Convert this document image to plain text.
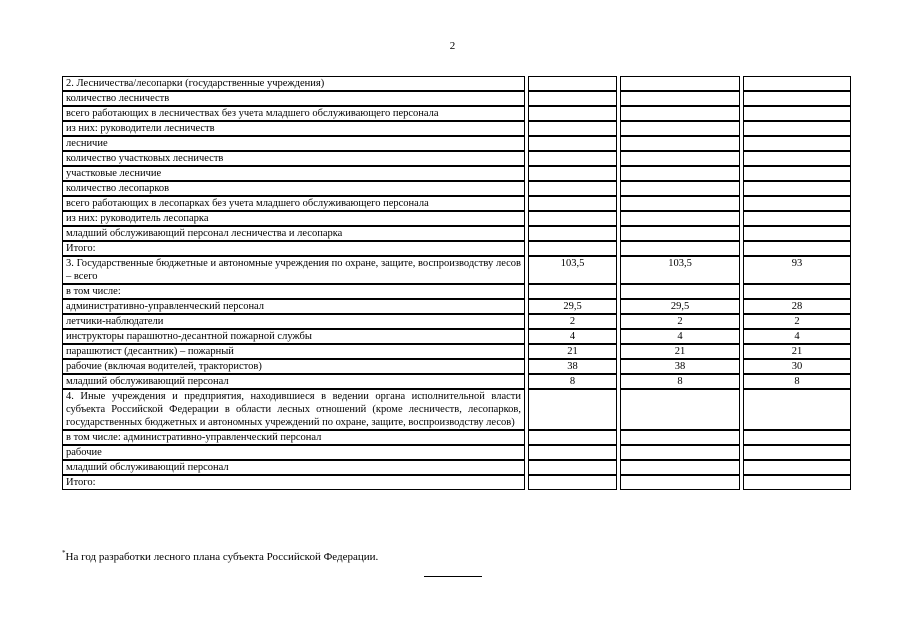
2
2. Лесничества/лесопарки (государственные учреждения)						
количество лесничеств						
всего работающих в лесничествах без учета младшего обслуживающего персонала						
из них: руководители лесничеств						
лесничие						
количество участковых лесничеств						
участковые лесничие						
количество лесопарков						
всего работающих в лесопарках без учета младшего обслуживающего персонала						
из них: руководитель лесопарка						
младший обслуживающий персонал лесничества и лесопарка						
Итого:						
3. Государственные бюджетные и автономные учреждения по охране, защите, воспроизводству лесов – всего		103,5		103,5		93
в том числе:						
административно-управленческий персонал		29,5		29,5		28
летчики-наблюдатели		2		2		2
инструкторы парашютно-десантной пожарной службы		4		4		4
парашютист (десантник) – пожарный		21		21		21
рабочие (включая водителей, трактористов)		38		38		30
младший обслуживающий персонал		8		8		8
4. Иные учреждения и предприятия, находившиеся в ведении органа исполнительной власти субъекта Российской Федерации в области лесных отношений (кроме лесничеств, лесопарков, государственных бюджетных и автономных учреждений по охране, защите, воспроизводству лесов)						
в том числе: административно-управленческий персонал						
рабочие						
младший обслуживающий персонал						
Итого:						
*На год разработки лесного плана субъекта Российской Федерации.
